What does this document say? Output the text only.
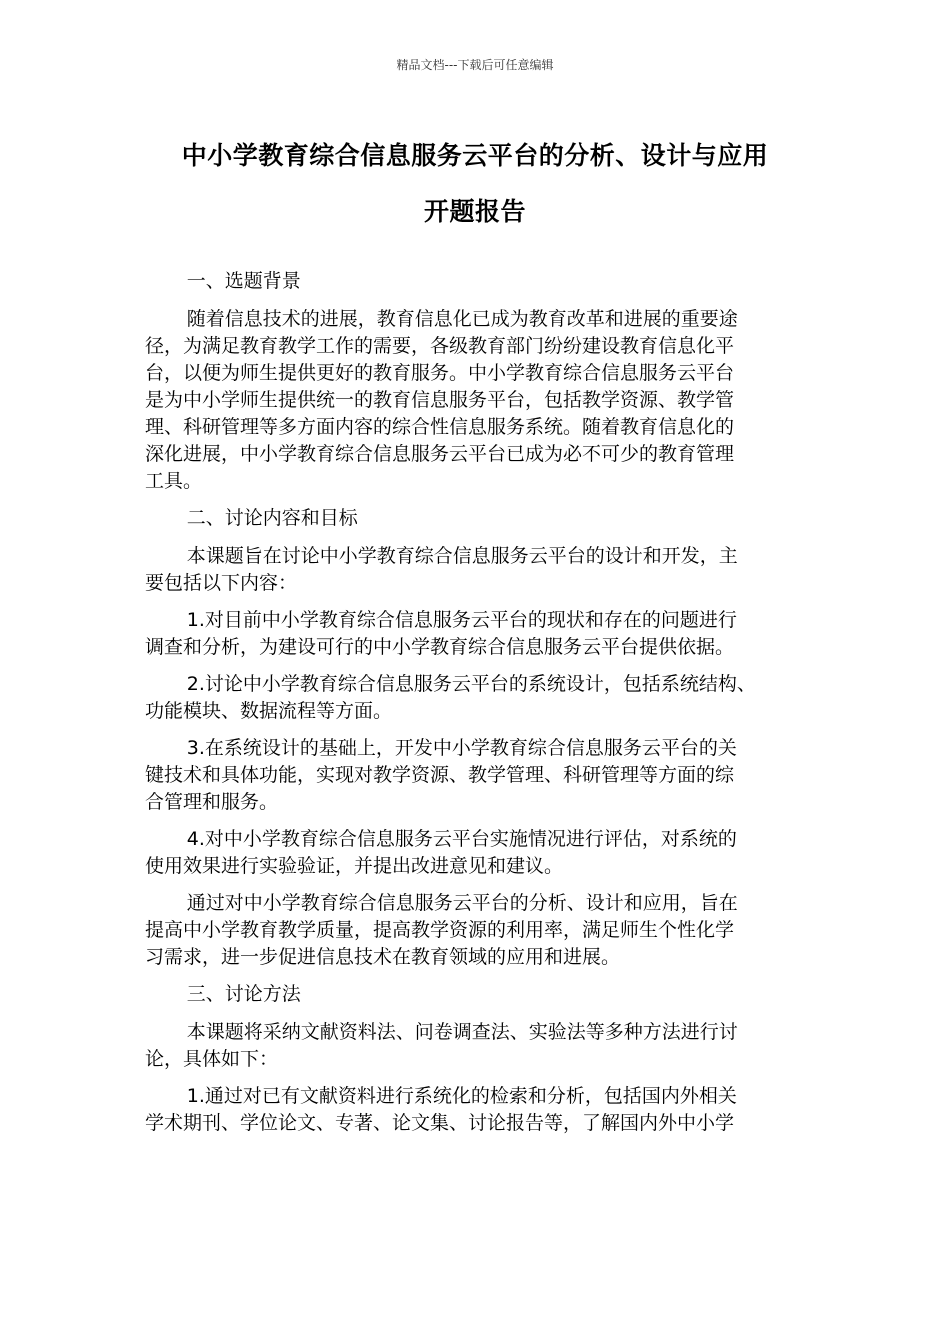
精品文档---下载后可任意编辑
中小学教育综合信息服务云平台的分析、设计与应用
开题报告
一、选题背景
随着信息技术的进展，教育信息化已成为教育改革和进展的重要途
径，为满足教育教学工作的需要，各级教育部门纷纷建设教育信息化平
台，以便为师生提供更好的教育服务。中小学教育综合信息服务云平台
是为中小学师生提供统一的教育信息服务平台，包括教学资源、教学管
理、科研管理等多方面内容的综合性信息服务系统。随着教育信息化的
深化进展，中小学教育综合信息服务云平台已成为必不可少的教育管理
工具。
二、讨论内容和目标
本课题旨在讨论中小学教育综合信息服务云平台的设计和开发，主
要包括以下内容：
1.对目前中小学教育综合信息服务云平台的现状和存在的问题进行
调查和分析，为建设可行的中小学教育综合信息服务云平台提供依据。
2.讨论中小学教育综合信息服务云平台的系统设计，包括系统结构、
功能模块、数据流程等方面。
3.在系统设计的基础上，开发中小学教育综合信息服务云平台的关
键技术和具体功能，实现对教学资源、教学管理、科研管理等方面的综
合管理和服务。
4.对中小学教育综合信息服务云平台实施情况进行评估，对系统的
使用效果进行实验验证，并提出改进意见和建议。
通过对中小学教育综合信息服务云平台的分析、设计和应用，旨在
提高中小学教育教学质量，提高教学资源的利用率，满足师生个性化学
习需求，进一步促进信息技术在教育领域的应用和进展。
三、讨论方法
本课题将采纳文献资料法、问卷调查法、实验法等多种方法进行讨
论，具体如下：
1.通过对已有文献资料进行系统化的检索和分析，包括国内外相关
学术期刊、学位论文、专著、论文集、讨论报告等，了解国内外中小学
